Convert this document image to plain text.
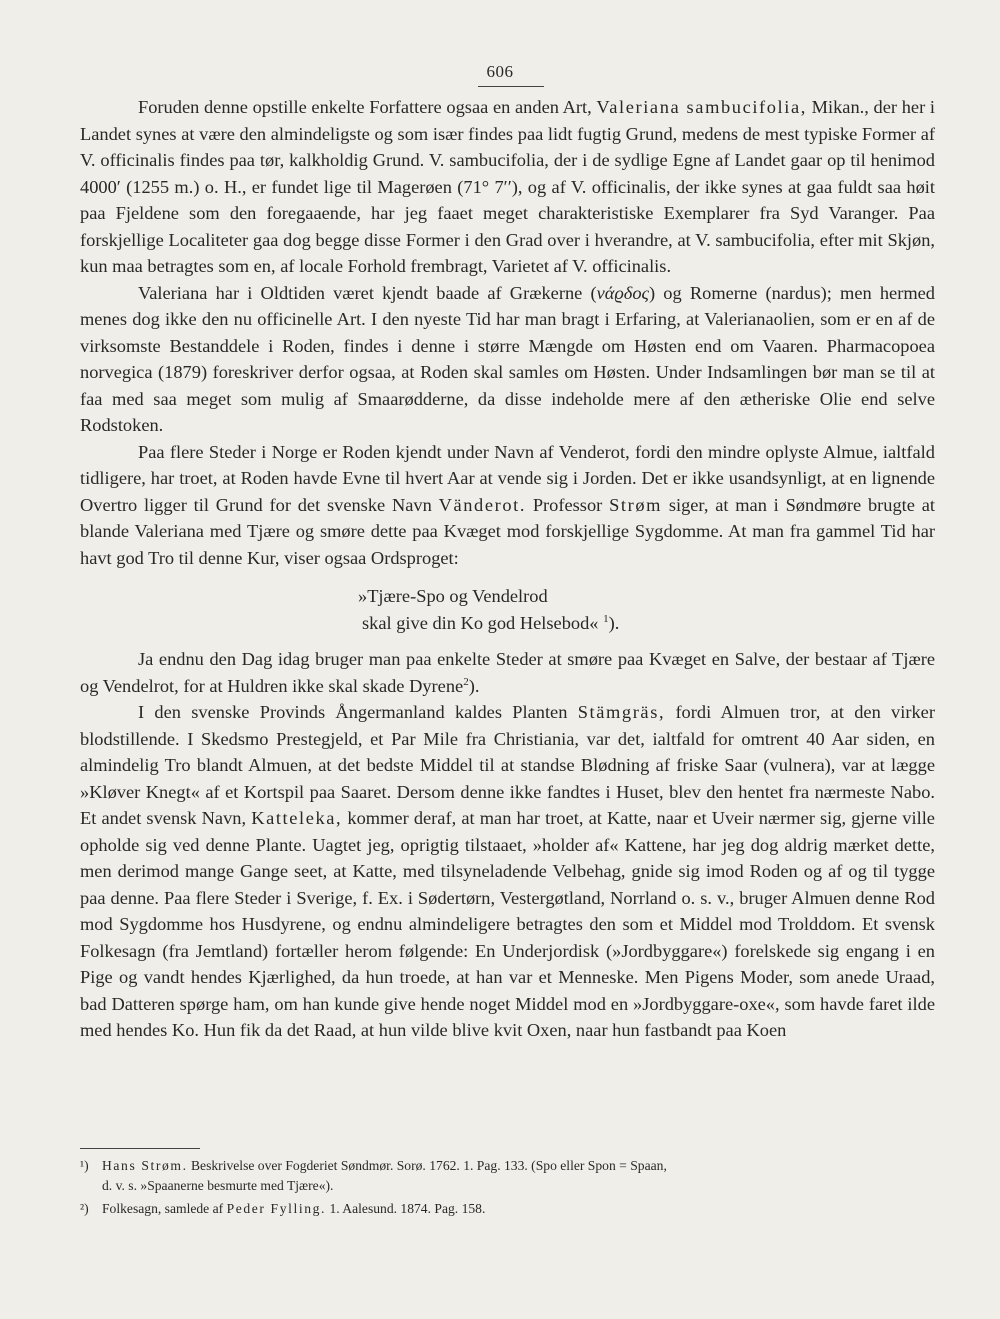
606

Foruden denne opstille enkelte Forfattere ogsaa en anden Art, Valeriana sambucifolia, Mikan., der her i Landet synes at være den almindeligste og som især findes paa lidt fugtig Grund, medens de mest typiske Former af V. officinalis findes paa tør, kalkholdig Grund. V. sambucifolia, der i de sydlige Egne af Landet gaar op til henimod 4000′ (1255 m.) o. H., er fundet lige til Magerøen (71° 7′′), og af V. officinalis, der ikke synes at gaa fuldt saa høit paa Fjeldene som den foregaaende, har jeg faaet meget charakteristiske Exemplarer fra Syd Varanger. Paa forskjellige Localiteter gaa dog begge disse Former i den Grad over i hverandre, at V. sambucifolia, efter mit Skjøn, kun maa betragtes som en, af locale Forhold frembragt, Varietet af V. officinalis.

Valeriana har i Oldtiden været kjendt baade af Grækerne (νάϱδος) og Romerne (nardus); men hermed menes dog ikke den nu officinelle Art. I den nyeste Tid har man bragt i Erfaring, at Valerianaolien, som er en af de virksomste Bestanddele i Roden, findes i denne i større Mængde om Høsten end om Vaaren. Pharmacopoea norvegica (1879) foreskriver derfor ogsaa, at Roden skal samles om Høsten. Under Indsamlingen bør man se til at faa med saa meget som mulig af Smaarødderne, da disse indeholde mere af den ætheriske Olie end selve Rodstoken.

Paa flere Steder i Norge er Roden kjendt under Navn af Venderot, fordi den mindre oplyste Almue, ialtfald tidligere, har troet, at Roden havde Evne til hvert Aar at vende sig i Jorden. Det er ikke usandsynligt, at en lignende Overtro ligger til Grund for det svenske Navn Vänderot. Professor Strøm siger, at man i Søndmøre brugte at blande Valeriana med Tjære og smøre dette paa Kvæget mod forskjellige Sygdomme. At man fra gammel Tid har havt god Tro til denne Kur, viser ogsaa Ordsproget:

»Tjære-Spo og Vendelrod
skal give din Ko god Helsebod« $^1$).

Ja endnu den Dag idag bruger man paa enkelte Steder at smøre paa Kvæget en Salve, der bestaar af Tjære og Vendelrot, for at Huldren ikke skal skade Dyrene$^2$).

I den svenske Provinds Ångermanland kaldes Planten Stämgräs, fordi Almuen tror, at den virker blodstillende. I Skedsmo Prestegjeld, et Par Mile fra Christiania, var det, ialtfald for omtrent 40 Aar siden, en almindelig Tro blandt Almuen, at det bedste Middel til at standse Blødning af friske Saar (vulnera), var at lægge »Kløver Knegt« af et Kortspil paa Saaret. Dersom denne ikke fandtes i Huset, blev den hentet fra nærmeste Nabo. Et andet svensk Navn, Katteleka, kommer deraf, at man har troet, at Katte, naar et Uveir nærmer sig, gjerne ville opholde sig ved denne Plante. Uagtet jeg, oprigtig tilstaaet, »holder af« Kattene, har jeg dog aldrig mærket dette, men derimod mange Gange seet, at Katte, med tilsyneladende Velbehag, gnide sig imod Roden og af og til tygge paa denne. Paa flere Steder i Sverige, f. Ex. i Sødertørn, Vestergøtland, Norrland o. s. v., bruger Almuen denne Rod mod Sygdomme hos Husdyrene, og endnu almindeligere betragtes den som et Middel mod Trolddom. Et svensk Folkesagn (fra Jemtland) fortæller herom følgende: En Underjordisk (»Jordbyggare«) forelskede sig engang i en Pige og vandt hendes Kjærlighed, da hun troede, at han var et Menneske. Men Pigens Moder, som anede Uraad, bad Datteren spørge ham, om han kunde give hende noget Middel mod en »Jordbyggare-oxe«, som havde faret ilde med hendes Ko. Hun fik da det Raad, at hun vilde blive kvit Oxen, naar hun fastbandt paa Koen

¹) Hans Strøm. Beskrivelse over Fogderiet Søndmør. Sorø. 1762. 1. Pag. 133. (Spo eller Spon = Spaan,
d. v. s. »Spaanerne besmurte med Tjære«).

²) Folkesagn, samlede af Peder Fylling. 1. Aalesund. 1874. Pag. 158.
